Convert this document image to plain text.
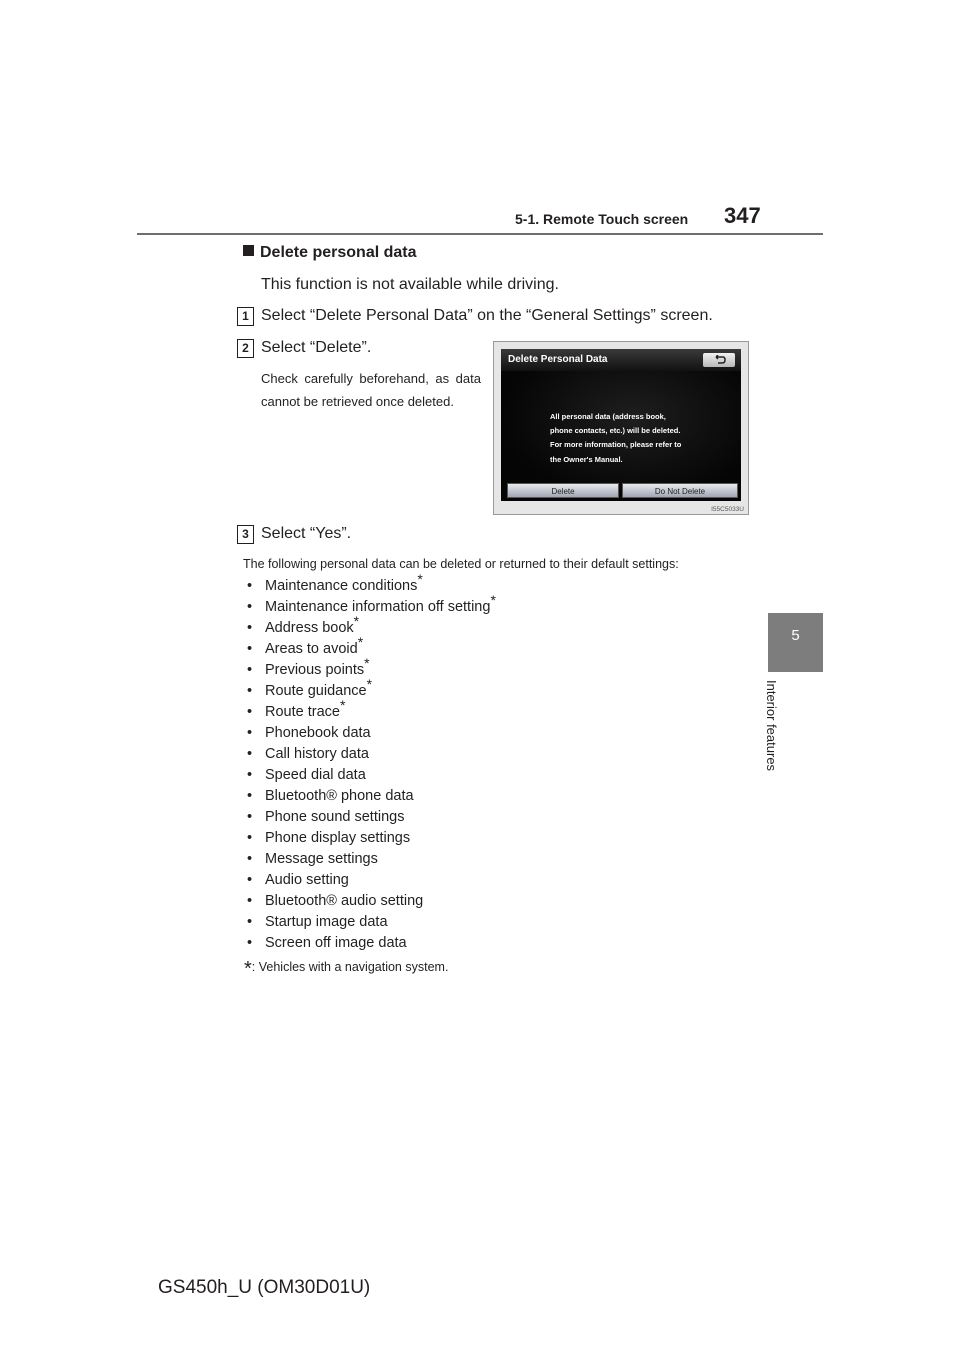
5-1. Remote Touch screen 347
5
Interior features
Delete personal data
This function is not available while driving.
1 Select “Delete Personal Data” on the “General Settings” screen.
2 Select “Delete”.
Check carefully beforehand, as data cannot be retrieved once deleted.
3 Select “Yes”.
Delete Personal Data
All personal data (address book,
phone contacts, etc.) will be deleted.
For more information, please refer to
the Owner's Manual.
Delete	Do Not Delete
I55C5033U
The following personal data can be deleted or returned to their default settings:
• Maintenance conditions*
• Maintenance information off setting*
• Address book*
• Areas to avoid*
• Previous points*
• Route guidance*
• Route trace*
• Phonebook data
• Call history data
• Speed dial data
• Bluetooth® phone data
• Phone sound settings
• Phone display settings
• Message settings
• Audio setting
• Bluetooth® audio setting
• Startup image data
• Screen off image data
*: Vehicles with a navigation system.
GS450h_U (OM30D01U)
